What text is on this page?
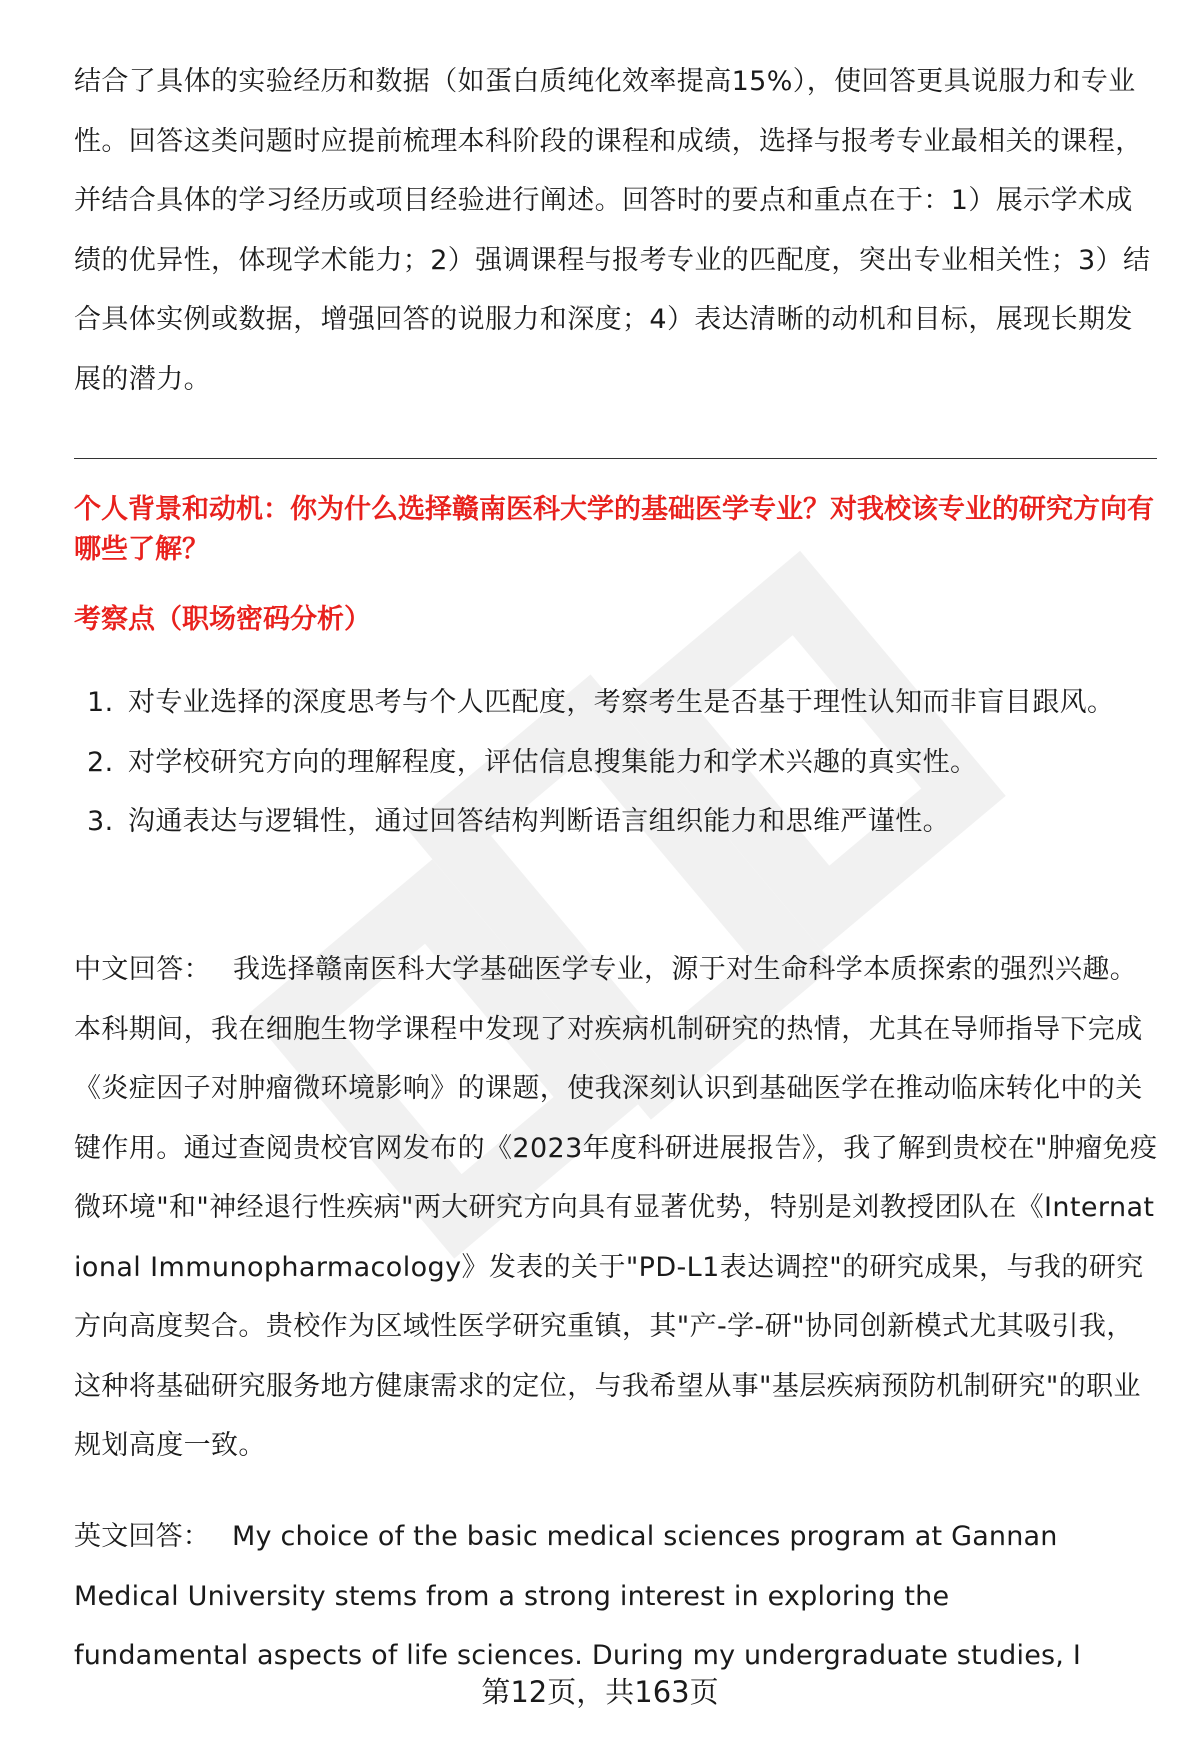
结合了具体的实验经历和数据（如蛋白质纯化效率提高15%），使回答更具说服力和专业性。回答这类问题时应提前梳理本科阶段的课程和成绩，选择与报考专业最相关的课程，并结合具体的学习经历或项目经验进行阐述。回答时的要点和重点在于：1）展示学术成绩的优异性，体现学术能力；2）强调课程与报考专业的匹配度，突出专业相关性；3）结合具体实例或数据，增强回答的说服力和深度；4）表达清晰的动机和目标，展现长期发展的潜力。

个人背景和动机：你为什么选择赣南医科大学的基础医学专业？对我校该专业的研究方向有哪些了解？

考察点（职场密码分析）

1. 对专业选择的深度思考与个人匹配度，考察考生是否基于理性认知而非盲目跟风。
2. 对学校研究方向的理解程度，评估信息搜集能力和学术兴趣的真实性。
3. 沟通表达与逻辑性，通过回答结构判断语言组织能力和思维严谨性。

中文回答： 我选择赣南医科大学基础医学专业，源于对生命科学本质探索的强烈兴趣。本科期间，我在细胞生物学课程中发现了对疾病机制研究的热情，尤其在导师指导下完成《炎症因子对肿瘤微环境影响》的课题，使我深刻认识到基础医学在推动临床转化中的关键作用。通过查阅贵校官网发布的《2023年度科研进展报告》，我了解到贵校在"肿瘤免疫微环境"和"神经退行性疾病"两大研究方向具有显著优势，特别是刘教授团队在《International Immunopharmacology》发表的关于"PD-L1表达调控"的研究成果，与我的研究方向高度契合。贵校作为区域性医学研究重镇，其"产-学-研"协同创新模式尤其吸引我，这种将基础研究服务地方健康需求的定位，与我希望从事"基层疾病预防机制研究"的职业规划高度一致。

英文回答： My choice of the basic medical sciences program at Gannan Medical University stems from a strong interest in exploring the fundamental aspects of life sciences. During my undergraduate studies, I

第12页，共163页
